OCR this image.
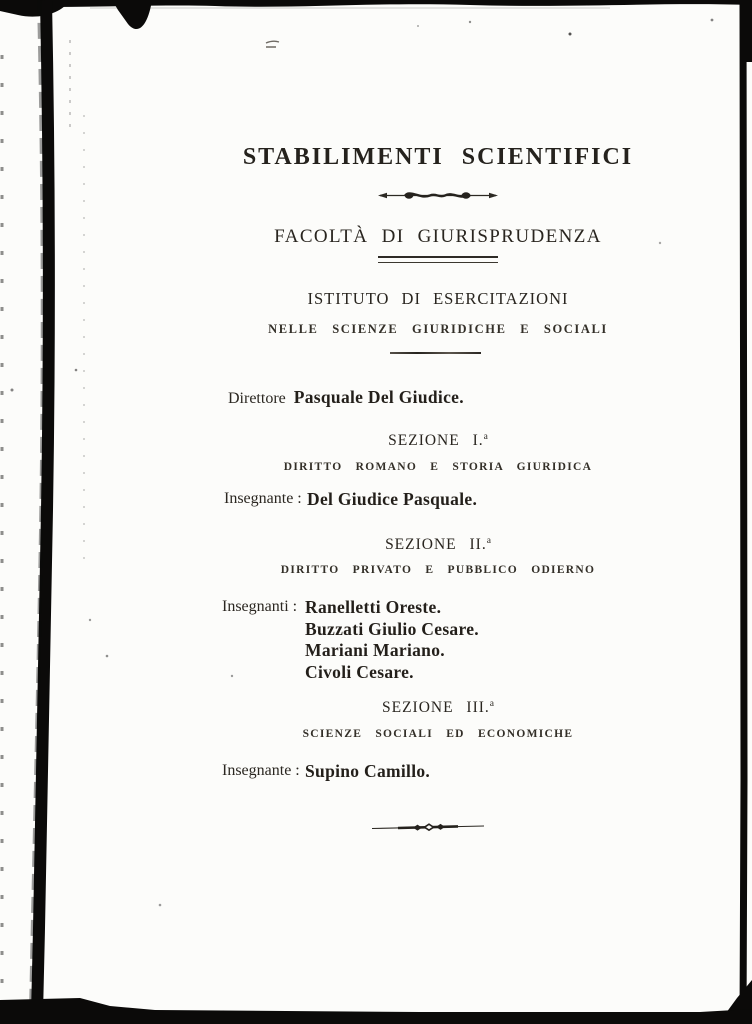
STABILIMENTI SCIENTIFICI
FACOLTÀ DI GIURISPRUDENZA
ISTITUTO DI ESERCITAZIONI
NELLE SCIENZE GIURIDICHE E SOCIALI
Direttore Pasquale Del Giudice.
SEZIONE I.$^a$
DIRITTO ROMANO E STORIA GIURIDICA
Insegnante : Del Giudice Pasquale.
SEZIONE II.$^a$
DIRITTO PRIVATO E PUBBLICO ODIERNO
Insegnanti : Ranelletti Oreste.
Buzzati Giulio Cesare.
Mariani Mariano.
Civoli Cesare.
SEZIONE III.$^a$
SCIENZE SOCIALI ED ECONOMICHE
Insegnante : Supino Camillo.
